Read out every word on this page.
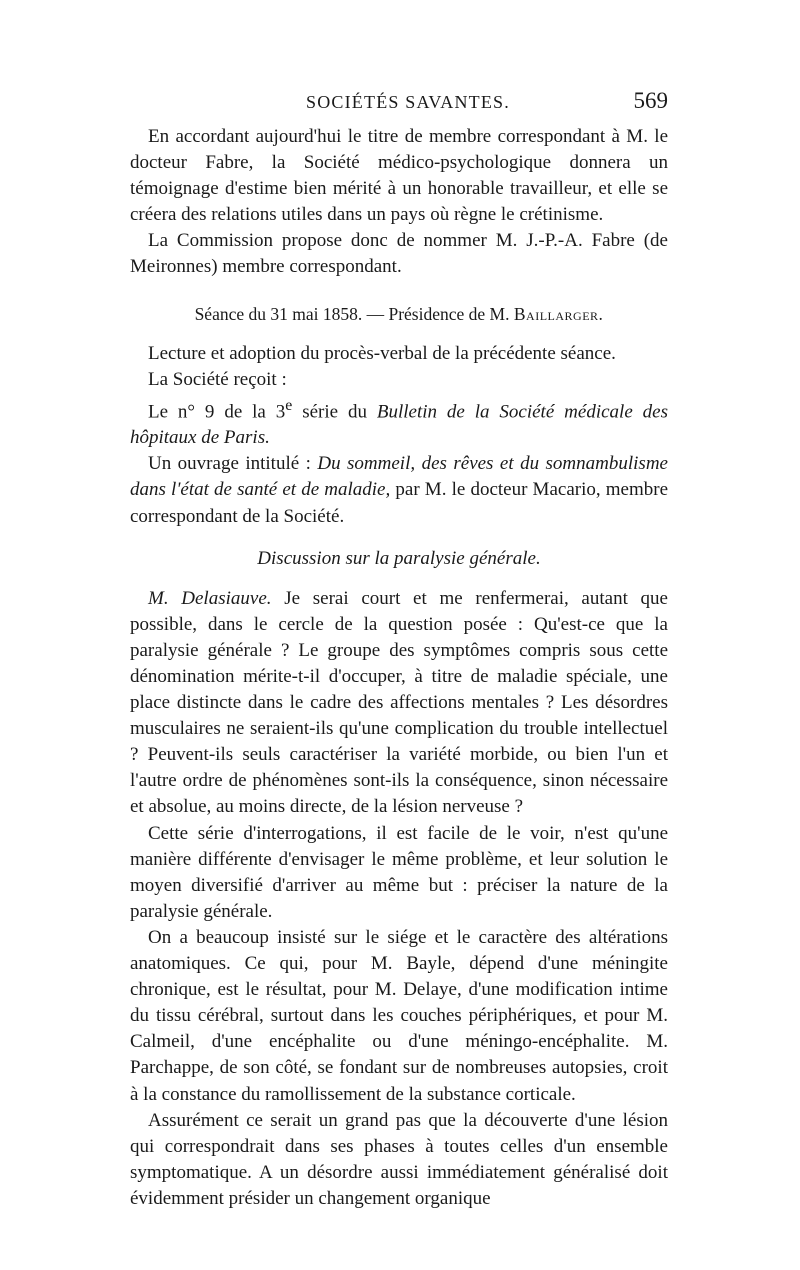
SOCIÉTÉS SAVANTES.	569

En accordant aujourd'hui le titre de membre correspondant à M. le docteur Fabre, la Société médico-psychologique donnera un témoignage d'estime bien mérité à un honorable travailleur, et elle se créera des relations utiles dans un pays où règne le crétinisme.

La Commission propose donc de nommer M. J.-P.-A. Fabre (de Meironnes) membre correspondant.

Séance du 31 mai 1858. — Présidence de M. Baillarger.

Lecture et adoption du procès-verbal de la précédente séance.

La Société reçoit :

Le n° 9 de la 3e série du Bulletin de la Société médicale des hôpitaux de Paris.

Un ouvrage intitulé : Du sommeil, des rêves et du somnambulisme dans l'état de santé et de maladie, par M. le docteur Macario, membre correspondant de la Société.

Discussion sur la paralysie générale.

M. Delasiauve. Je serai court et me renfermerai, autant que possible, dans le cercle de la question posée : Qu'est-ce que la paralysie générale ? Le groupe des symptômes compris sous cette dénomination mérite-t-il d'occuper, à titre de maladie spéciale, une place distincte dans le cadre des affections mentales ? Les désordres musculaires ne seraient-ils qu'une complication du trouble intellectuel ? Peuvent-ils seuls caractériser la variété morbide, ou bien l'un et l'autre ordre de phénomènes sont-ils la conséquence, sinon nécessaire et absolue, au moins directe, de la lésion nerveuse ?

Cette série d'interrogations, il est facile de le voir, n'est qu'une manière différente d'envisager le même problème, et leur solution le moyen diversifié d'arriver au même but : préciser la nature de la paralysie générale.

On a beaucoup insisté sur le siége et le caractère des altérations anatomiques. Ce qui, pour M. Bayle, dépend d'une méningite chronique, est le résultat, pour M. Delaye, d'une modification intime du tissu cérébral, surtout dans les couches périphériques, et pour M. Calmeil, d'une encéphalite ou d'une méningo-encéphalite. M. Parchappe, de son côté, se fondant sur de nombreuses autopsies, croit à la constance du ramollissement de la substance corticale.

Assurément ce serait un grand pas que la découverte d'une lésion qui correspondrait dans ses phases à toutes celles d'un ensemble symptomatique. A un désordre aussi immédiatement généralisé doit évidemment présider un changement organique
